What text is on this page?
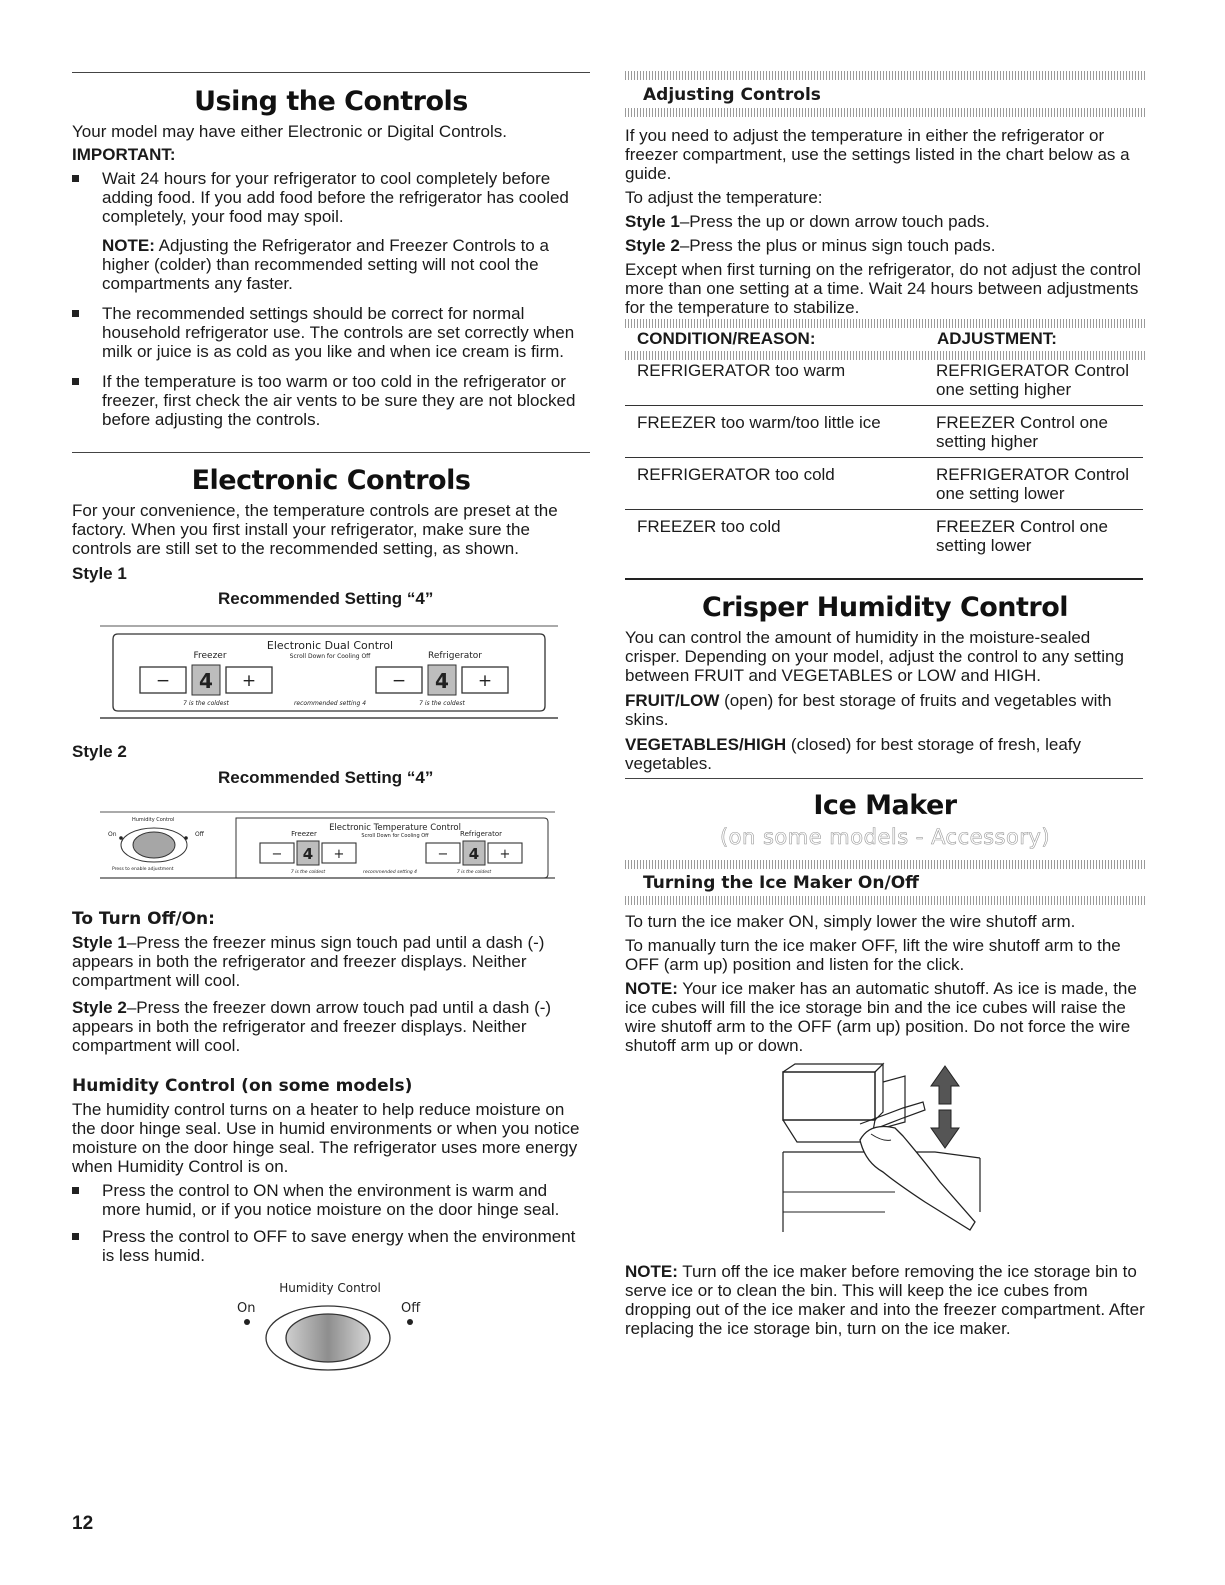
Using the Controls

Your model may have either Electronic or Digital Controls.

IMPORTANT:

Wait 24 hours for your refrigerator to cool completely before adding food. If you add food before the refrigerator has cooled completely, your food may spoil.

NOTE: Adjusting the Refrigerator and Freezer Controls to a higher (colder) than recommended setting will not cool the compartments any faster.

The recommended settings should be correct for normal household refrigerator use. The controls are set correctly when milk or juice is as cold as you like and when ice cream is firm.

If the temperature is too warm or too cold in the refrigerator or freezer, first check the air vents to be sure they are not blocked before adjusting the controls.

Electronic Controls

For your convenience, the temperature controls are preset at the factory. When you first install your refrigerator, make sure the controls are still set to the recommended setting, as shown.

Style 1

Recommended Setting “4”

Electronic Dual Control
Scroll Down for Cooling Off
Freezer	Refrigerator
− 4 +	− 4 +
7 is the coldest	recommended setting 4	7 is the coldest

Style 2

Recommended Setting “4”

Humidity Control
On	Off
Press to enable adjustment
Electronic Temperature Control
Scroll Down for Cooling Off
Freezer	Refrigerator
− 4 +	− 4 +
7 is the coldest	recommended setting 4	7 is the coldest

To Turn Off/On:

Style 1–Press the freezer minus sign touch pad until a dash (-) appears in both the refrigerator and freezer displays. Neither compartment will cool.

Style 2–Press the freezer down arrow touch pad until a dash (-) appears in both the refrigerator and freezer displays. Neither compartment will cool.

Humidity Control (on some models)

The humidity control turns on a heater to help reduce moisture on the door hinge seal. Use in humid environments or when you notice moisture on the door hinge seal. The refrigerator uses more energy when Humidity Control is on.

Press the control to ON when the environment is warm and more humid, or if you notice moisture on the door hinge seal.

Press the control to OFF to save energy when the environment is less humid.

Humidity Control
On	Off

12

Adjusting Controls

If you need to adjust the temperature in either the refrigerator or freezer compartment, use the settings listed in the chart below as a guide.

To adjust the temperature:

Style 1–Press the up or down arrow touch pads.

Style 2–Press the plus or minus sign touch pads.

Except when first turning on the refrigerator, do not adjust the control more than one setting at a time. Wait 24 hours between adjustments for the temperature to stabilize.

CONDITION/REASON:	ADJUSTMENT:

REFRIGERATOR too warm	REFRIGERATOR Control one setting higher

FREEZER too warm/too little ice	FREEZER Control one setting higher

REFRIGERATOR too cold	REFRIGERATOR Control one setting lower

FREEZER too cold	FREEZER Control one setting lower

Crisper Humidity Control

You can control the amount of humidity in the moisture-sealed crisper. Depending on your model, adjust the control to any setting between FRUIT and VEGETABLES or LOW and HIGH.

FRUIT/LOW (open) for best storage of fruits and vegetables with skins.

VEGETABLES/HIGH (closed) for best storage of fresh, leafy vegetables.

Ice Maker
(on some models - Accessory)

Turning the Ice Maker On/Off

To turn the ice maker ON, simply lower the wire shutoff arm.

To manually turn the ice maker OFF, lift the wire shutoff arm to the OFF (arm up) position and listen for the click.

NOTE: Your ice maker has an automatic shutoff. As ice is made, the ice cubes will fill the ice storage bin and the ice cubes will raise the wire shutoff arm to the OFF (arm up) position. Do not force the wire shutoff arm up or down.

NOTE: Turn off the ice maker before removing the ice storage bin to serve ice or to clean the bin. This will keep the ice cubes from dropping out of the ice maker and into the freezer compartment. After replacing the ice storage bin, turn on the ice maker.
